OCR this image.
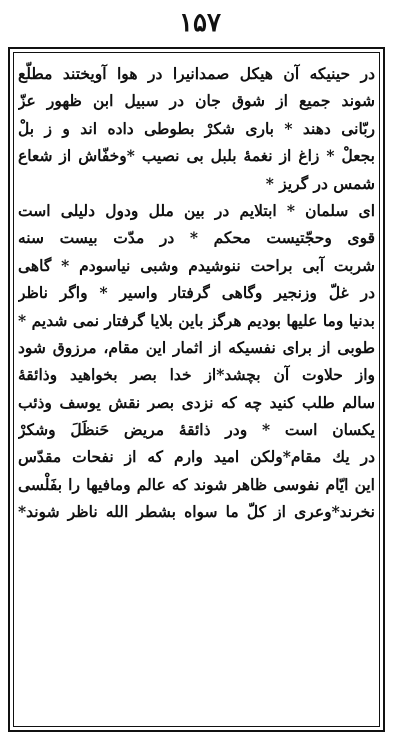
۱۵۷
در حینیکه آن هیکل صمدانیرا در هوا آویختند مطلّع
شوند جمیع از شوق جان در سبیل ابن ظهور عزّ
ربّانی دهند * باری شکرْ بطوطی داده اند و ز بلْ
بجعلْ * زاغ از نغمهٔ بلبل بی نصیب *وخفّاش از شعاع
شمس در گریز *
ای سلمان * ابتلایم در بین ملل ودول دلیلی است
قوی وحجّتیست محکم * در مدّت بیست سنه
شربت آبی براحت ننوشیدم وشبی نیاسودم * گاهی
در غلّ وزنجیر وگاهی گرفتار واسیر * واگر ناظر
بدنیا وما علیها بودیم هرگز باین بلایا گرفتار نمی شدیم *
طوبی از برای نفسیکه از اثمار این مقام، مرزوق شود
واز حلاوت آن بچشد*از خدا بصر بخواهید وذائقهٔ
سالم طلب کنید چه که نزدی بصر نقش یوسف وذئب
یکسان است * ودر ذائقهٔ مریض حَنظَلَ وشکرْ
در یك مقام*ولکن امید وارم که از نفحات مقدّس
این ایّام نفوسی ظاهر شوند که عالم ومافیها را بفَلْسی
نخرند*وعری از کلّ ما سواه بشطر الله ناظر شوند*
